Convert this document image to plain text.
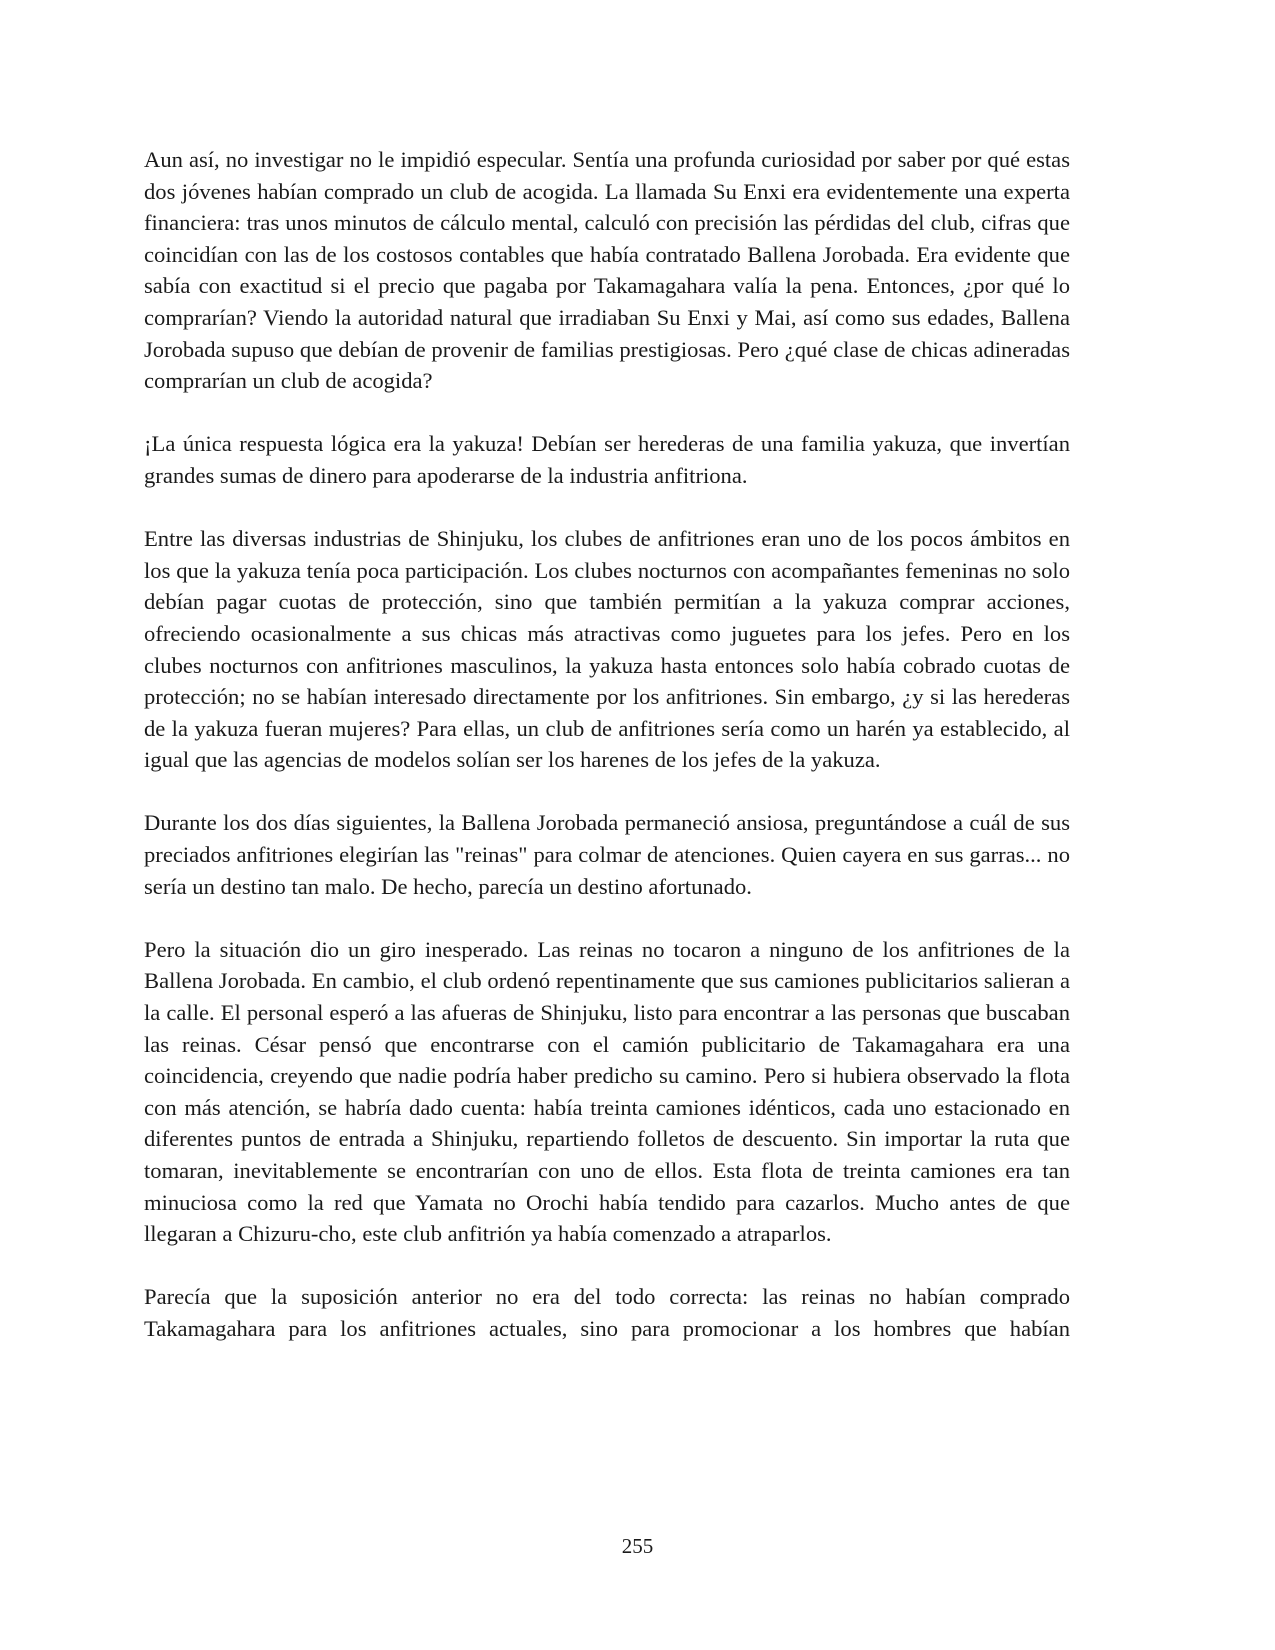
Aun así, no investigar no le impidió especular. Sentía una profunda curiosidad por saber por qué estas dos jóvenes habían comprado un club de acogida. La llamada Su Enxi era evidentemente una experta financiera: tras unos minutos de cálculo mental, calculó con precisión las pérdidas del club, cifras que coincidían con las de los costosos contables que había contratado Ballena Jorobada. Era evidente que sabía con exactitud si el precio que pagaba por Takamagahara valía la pena. Entonces, ¿por qué lo comprarían? Viendo la autoridad natural que irradiaban Su Enxi y Mai, así como sus edades, Ballena Jorobada supuso que debían de provenir de familias prestigiosas. Pero ¿qué clase de chicas adineradas comprarían un club de acogida?

¡La única respuesta lógica era la yakuza! Debían ser herederas de una familia yakuza, que invertían grandes sumas de dinero para apoderarse de la industria anfitriona.

Entre las diversas industrias de Shinjuku, los clubes de anfitriones eran uno de los pocos ámbitos en los que la yakuza tenía poca participación. Los clubes nocturnos con acompañantes femeninas no solo debían pagar cuotas de protección, sino que también permitían a la yakuza comprar acciones, ofreciendo ocasionalmente a sus chicas más atractivas como juguetes para los jefes. Pero en los clubes nocturnos con anfitriones masculinos, la yakuza hasta entonces solo había cobrado cuotas de protección; no se habían interesado directamente por los anfitriones. Sin embargo, ¿y si las herederas de la yakuza fueran mujeres? Para ellas, un club de anfitriones sería como un harén ya establecido, al igual que las agencias de modelos solían ser los harenes de los jefes de la yakuza.

Durante los dos días siguientes, la Ballena Jorobada permaneció ansiosa, preguntándose a cuál de sus preciados anfitriones elegirían las "reinas" para colmar de atenciones. Quien cayera en sus garras... no sería un destino tan malo. De hecho, parecía un destino afortunado.

Pero la situación dio un giro inesperado. Las reinas no tocaron a ninguno de los anfitriones de la Ballena Jorobada. En cambio, el club ordenó repentinamente que sus camiones publicitarios salieran a la calle. El personal esperó a las afueras de Shinjuku, listo para encontrar a las personas que buscaban las reinas. César pensó que encontrarse con el camión publicitario de Takamagahara era una coincidencia, creyendo que nadie podría haber predicho su camino. Pero si hubiera observado la flota con más atención, se habría dado cuenta: había treinta camiones idénticos, cada uno estacionado en diferentes puntos de entrada a Shinjuku, repartiendo folletos de descuento. Sin importar la ruta que tomaran, inevitablemente se encontrarían con uno de ellos. Esta flota de treinta camiones era tan minuciosa como la red que Yamata no Orochi había tendido para cazarlos. Mucho antes de que llegaran a Chizuru-cho, este club anfitrión ya había comenzado a atraparlos.

Parecía que la suposición anterior no era del todo correcta: las reinas no habían comprado Takamagahara para los anfitriones actuales, sino para promocionar a los hombres que habían

255
